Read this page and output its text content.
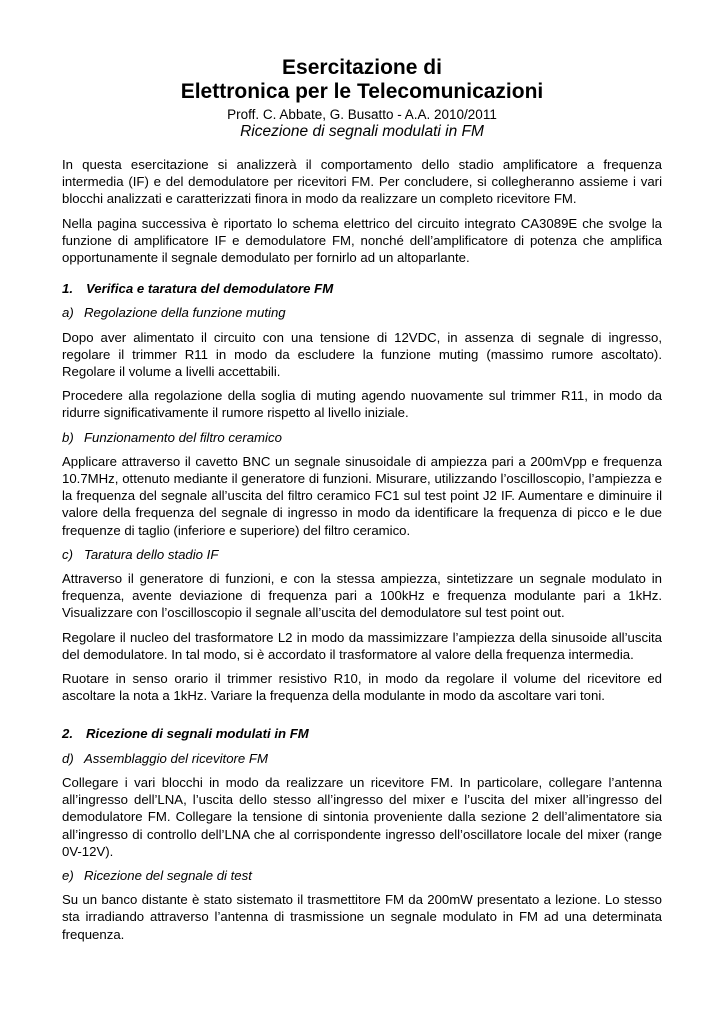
Esercitazione di
Elettronica per le Telecomunicazioni
Proff. C. Abbate, G. Busatto - A.A. 2010/2011
Ricezione di segnali modulati in FM

In questa esercitazione si analizzerà il comportamento dello stadio amplificatore a frequenza intermedia (IF) e del demodulatore per ricevitori FM. Per concludere, si collegheranno assieme i vari blocchi analizzati e caratterizzati finora in modo da realizzare un completo ricevitore FM.

Nella pagina successiva è riportato lo schema elettrico del circuito integrato CA3089E che svolge la funzione di amplificatore IF e demodulatore FM, nonché dell’amplificatore di potenza che amplifica opportunamente il segnale demodulato per fornirlo ad un altoparlante.

1. Verifica e taratura del demodulatore FM
a) Regolazione della funzione muting

Dopo aver alimentato il circuito con una tensione di 12VDC, in assenza di segnale di ingresso, regolare il trimmer R11 in modo da escludere la funzione muting (massimo rumore ascoltato). Regolare il volume a livelli accettabili.

Procedere alla regolazione della soglia di muting agendo nuovamente sul trimmer R11, in modo da ridurre significativamente il rumore rispetto al livello iniziale.

b) Funzionamento del filtro ceramico

Applicare attraverso il cavetto BNC un segnale sinusoidale di ampiezza pari a 200mVpp e frequenza 10.7MHz, ottenuto mediante il generatore di funzioni. Misurare, utilizzando l’oscilloscopio, l’ampiezza e la frequenza del segnale all’uscita del filtro ceramico FC1 sul test point J2 IF. Aumentare e diminuire il valore della frequenza del segnale di ingresso in modo da identificare la frequenza di picco e le due frequenze di taglio (inferiore e superiore) del filtro ceramico.

c) Taratura dello stadio IF

Attraverso il generatore di funzioni, e con la stessa ampiezza, sintetizzare un segnale modulato in frequenza, avente deviazione di frequenza pari a 100kHz e frequenza modulante pari a 1kHz. Visualizzare con l’oscilloscopio il segnale all’uscita del demodulatore sul test point out.

Regolare il nucleo del trasformatore L2 in modo da massimizzare l’ampiezza della sinusoide all’uscita del demodulatore. In tal modo, si è accordato il trasformatore al valore della frequenza intermedia.

Ruotare in senso orario il trimmer resistivo R10, in modo da regolare il volume del ricevitore ed ascoltare la nota a 1kHz. Variare la frequenza della modulante in modo da ascoltare vari toni.

2. Ricezione di segnali modulati in FM
d) Assemblaggio del ricevitore FM

Collegare i vari blocchi in modo da realizzare un ricevitore FM. In particolare, collegare l’antenna all’ingresso dell’LNA, l’uscita dello stesso all’ingresso del mixer e l’uscita del mixer all’ingresso del demodulatore FM. Collegare la tensione di sintonia proveniente dalla sezione 2 dell’alimentatore sia all’ingresso di controllo dell’LNA che al corrispondente ingresso dell’oscillatore locale del mixer (range 0V-12V).

e) Ricezione del segnale di test

Su un banco distante è stato sistemato il trasmettitore FM da 200mW presentato a lezione. Lo stesso sta irradiando attraverso l’antenna di trasmissione un segnale modulato in FM ad una determinata frequenza.
